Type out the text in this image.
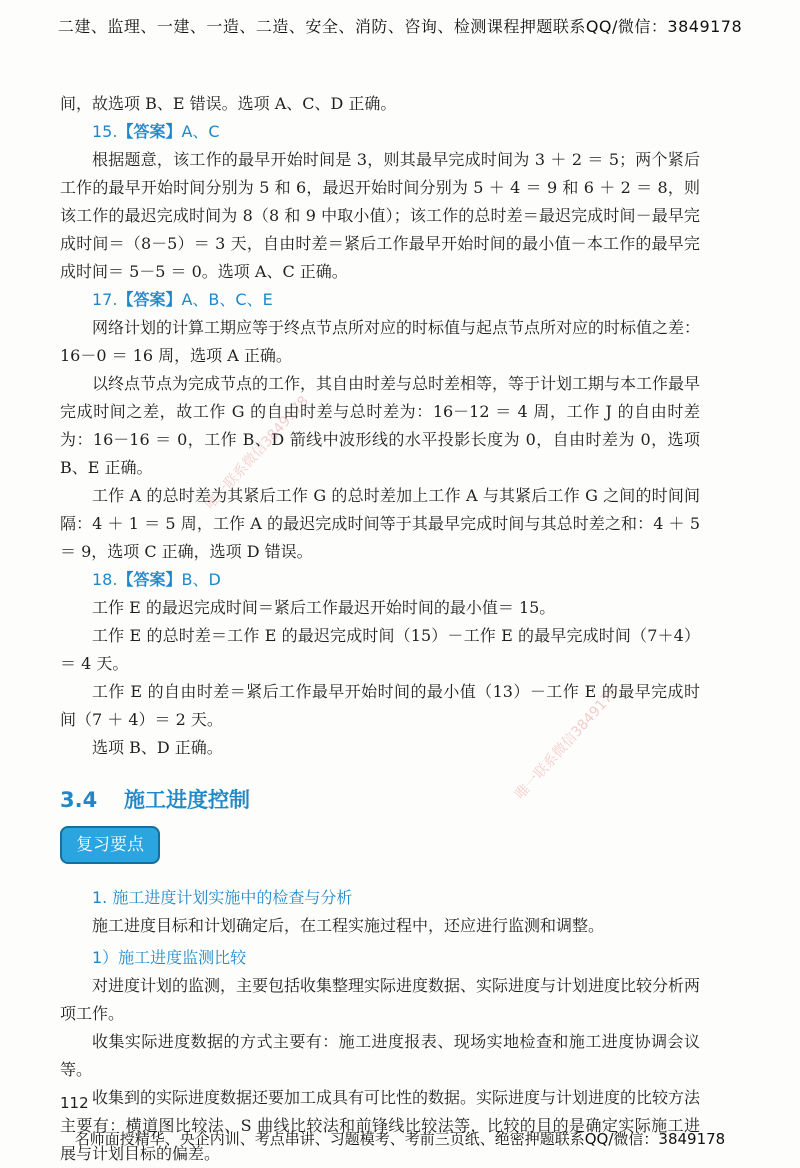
二建、监理、一建、一造、二造、安全、消防、咨询、检测课程押题联系QQ/微信：3849178
唯一联系微信3849178
唯一联系微信3849178

间，故选项 B、E 错误。选项 A、C、D 正确。

15.【答案】A、C

根据题意，该工作的最早开始时间是 3，则其最早完成时间为 3 ＋ 2 ＝ 5；两个紧后工作的最早开始时间分别为 5 和 6，最迟开始时间分别为 5 ＋ 4 ＝ 9 和 6 ＋ 2 ＝ 8，则该工作的最迟完成时间为 8（8 和 9 中取小值）；该工作的总时差＝最迟完成时间－最早完成时间＝（8－5）＝ 3 天，自由时差＝紧后工作最早开始时间的最小值－本工作的最早完成时间＝ 5－5 ＝ 0。选项 A、C 正确。

17.【答案】A、B、C、E

网络计划的计算工期应等于终点节点所对应的时标值与起点节点所对应的时标值之差：16－0 ＝ 16 周，选项 A 正确。

以终点节点为完成节点的工作，其自由时差与总时差相等，等于计划工期与本工作最早完成时间之差，故工作 G 的自由时差与总时差为：16－12 ＝ 4 周，工作 J 的自由时差为：16－16 ＝ 0，工作 B、D 箭线中波形线的水平投影长度为 0，自由时差为 0，选项 B、E 正确。

工作 A 的总时差为其紧后工作 G 的总时差加上工作 A 与其紧后工作 G 之间的时间间隔：4 ＋ 1 ＝ 5 周，工作 A 的最迟完成时间等于其最早完成时间与其总时差之和：4 ＋ 5 ＝ 9，选项 C 正确，选项 D 错误。

18.【答案】B、D

工作 E 的最迟完成时间＝紧后工作最迟开始时间的最小值＝ 15。

工作 E 的总时差＝工作 E 的最迟完成时间（15）－工作 E 的最早完成时间（7＋4）＝ 4 天。

工作 E 的自由时差＝紧后工作最早开始时间的最小值（13）－工作 E 的最早完成时间（7 ＋ 4）＝ 2 天。

选项 B、D 正确。

3.4 施工进度控制
复习要点
1. 施工进度计划实施中的检查与分析

施工进度目标和计划确定后，在工程实施过程中，还应进行监测和调整。

1）施工进度监测比较

对进度计划的监测，主要包括收集整理实际进度数据、实际进度与计划进度比较分析两项工作。

收集实际进度数据的方式主要有：施工进度报表、现场实地检查和施工进度协调会议等。

收集到的实际进度数据还要加工成具有可比性的数据。实际进度与计划进度的比较方法主要有：横道图比较法、S 曲线比较法和前锋线比较法等，比较的目的是确定实际施工进展与计划目标的偏差。

112
名师面授精华、央企内训、考点串讲、习题模考、考前三页纸、绝密押题联系QQ/微信：3849178
